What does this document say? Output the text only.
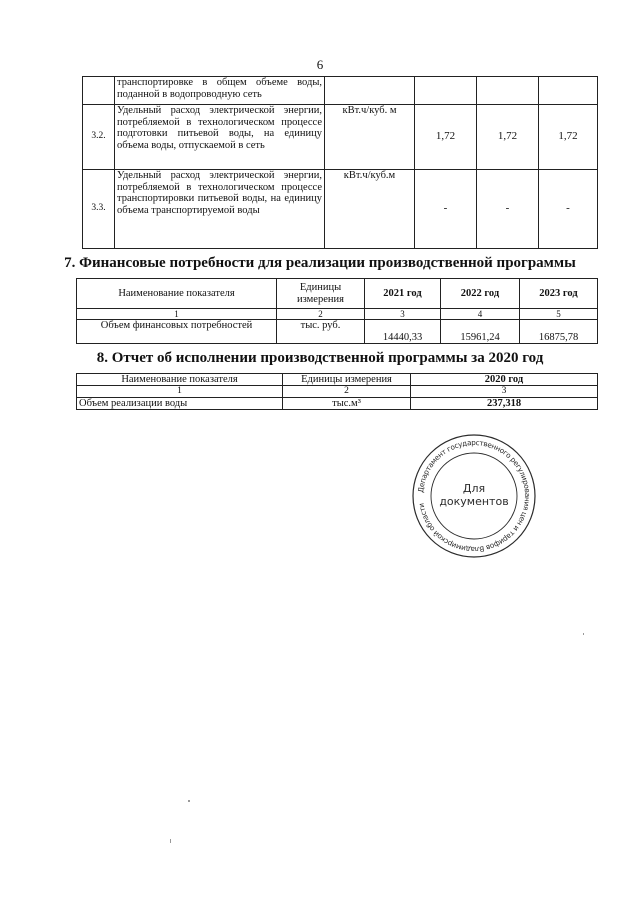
6
	транспортировке в общем объеме воды, поданной в водопроводную сеть				
3.2.	Удельный расход электрической энергии, потребляемой в технологическом процессе подготовки питьевой воды, на единицу объема воды, отпускаемой в сеть	кВт.ч/куб. м	1,72	1,72	1,72
3.3.	Удельный расход электрической энергии, потребляемой в технологическом процессе транспортировки питьевой воды, на единицу объема транспортируемой воды	кВт.ч/куб.м	-	-	-
7. Финансовые потребности для реализации производственной программы
Наименование показателя	Единицы измерения	2021 год	2022 год	2023 год
1	2	3	4	5
Объем финансовых потребностей	тыс. руб.	14440,33	15961,24	16875,78
8. Отчет об исполнении производственной программы за 2020 год
Наименование показателя	Единицы измерения	2020 год
1	2	3
Объем реализации воды	тыс.м³	237,318
Департамент государственного регулирования цен и тарифов Владимирской области
Для
документов
